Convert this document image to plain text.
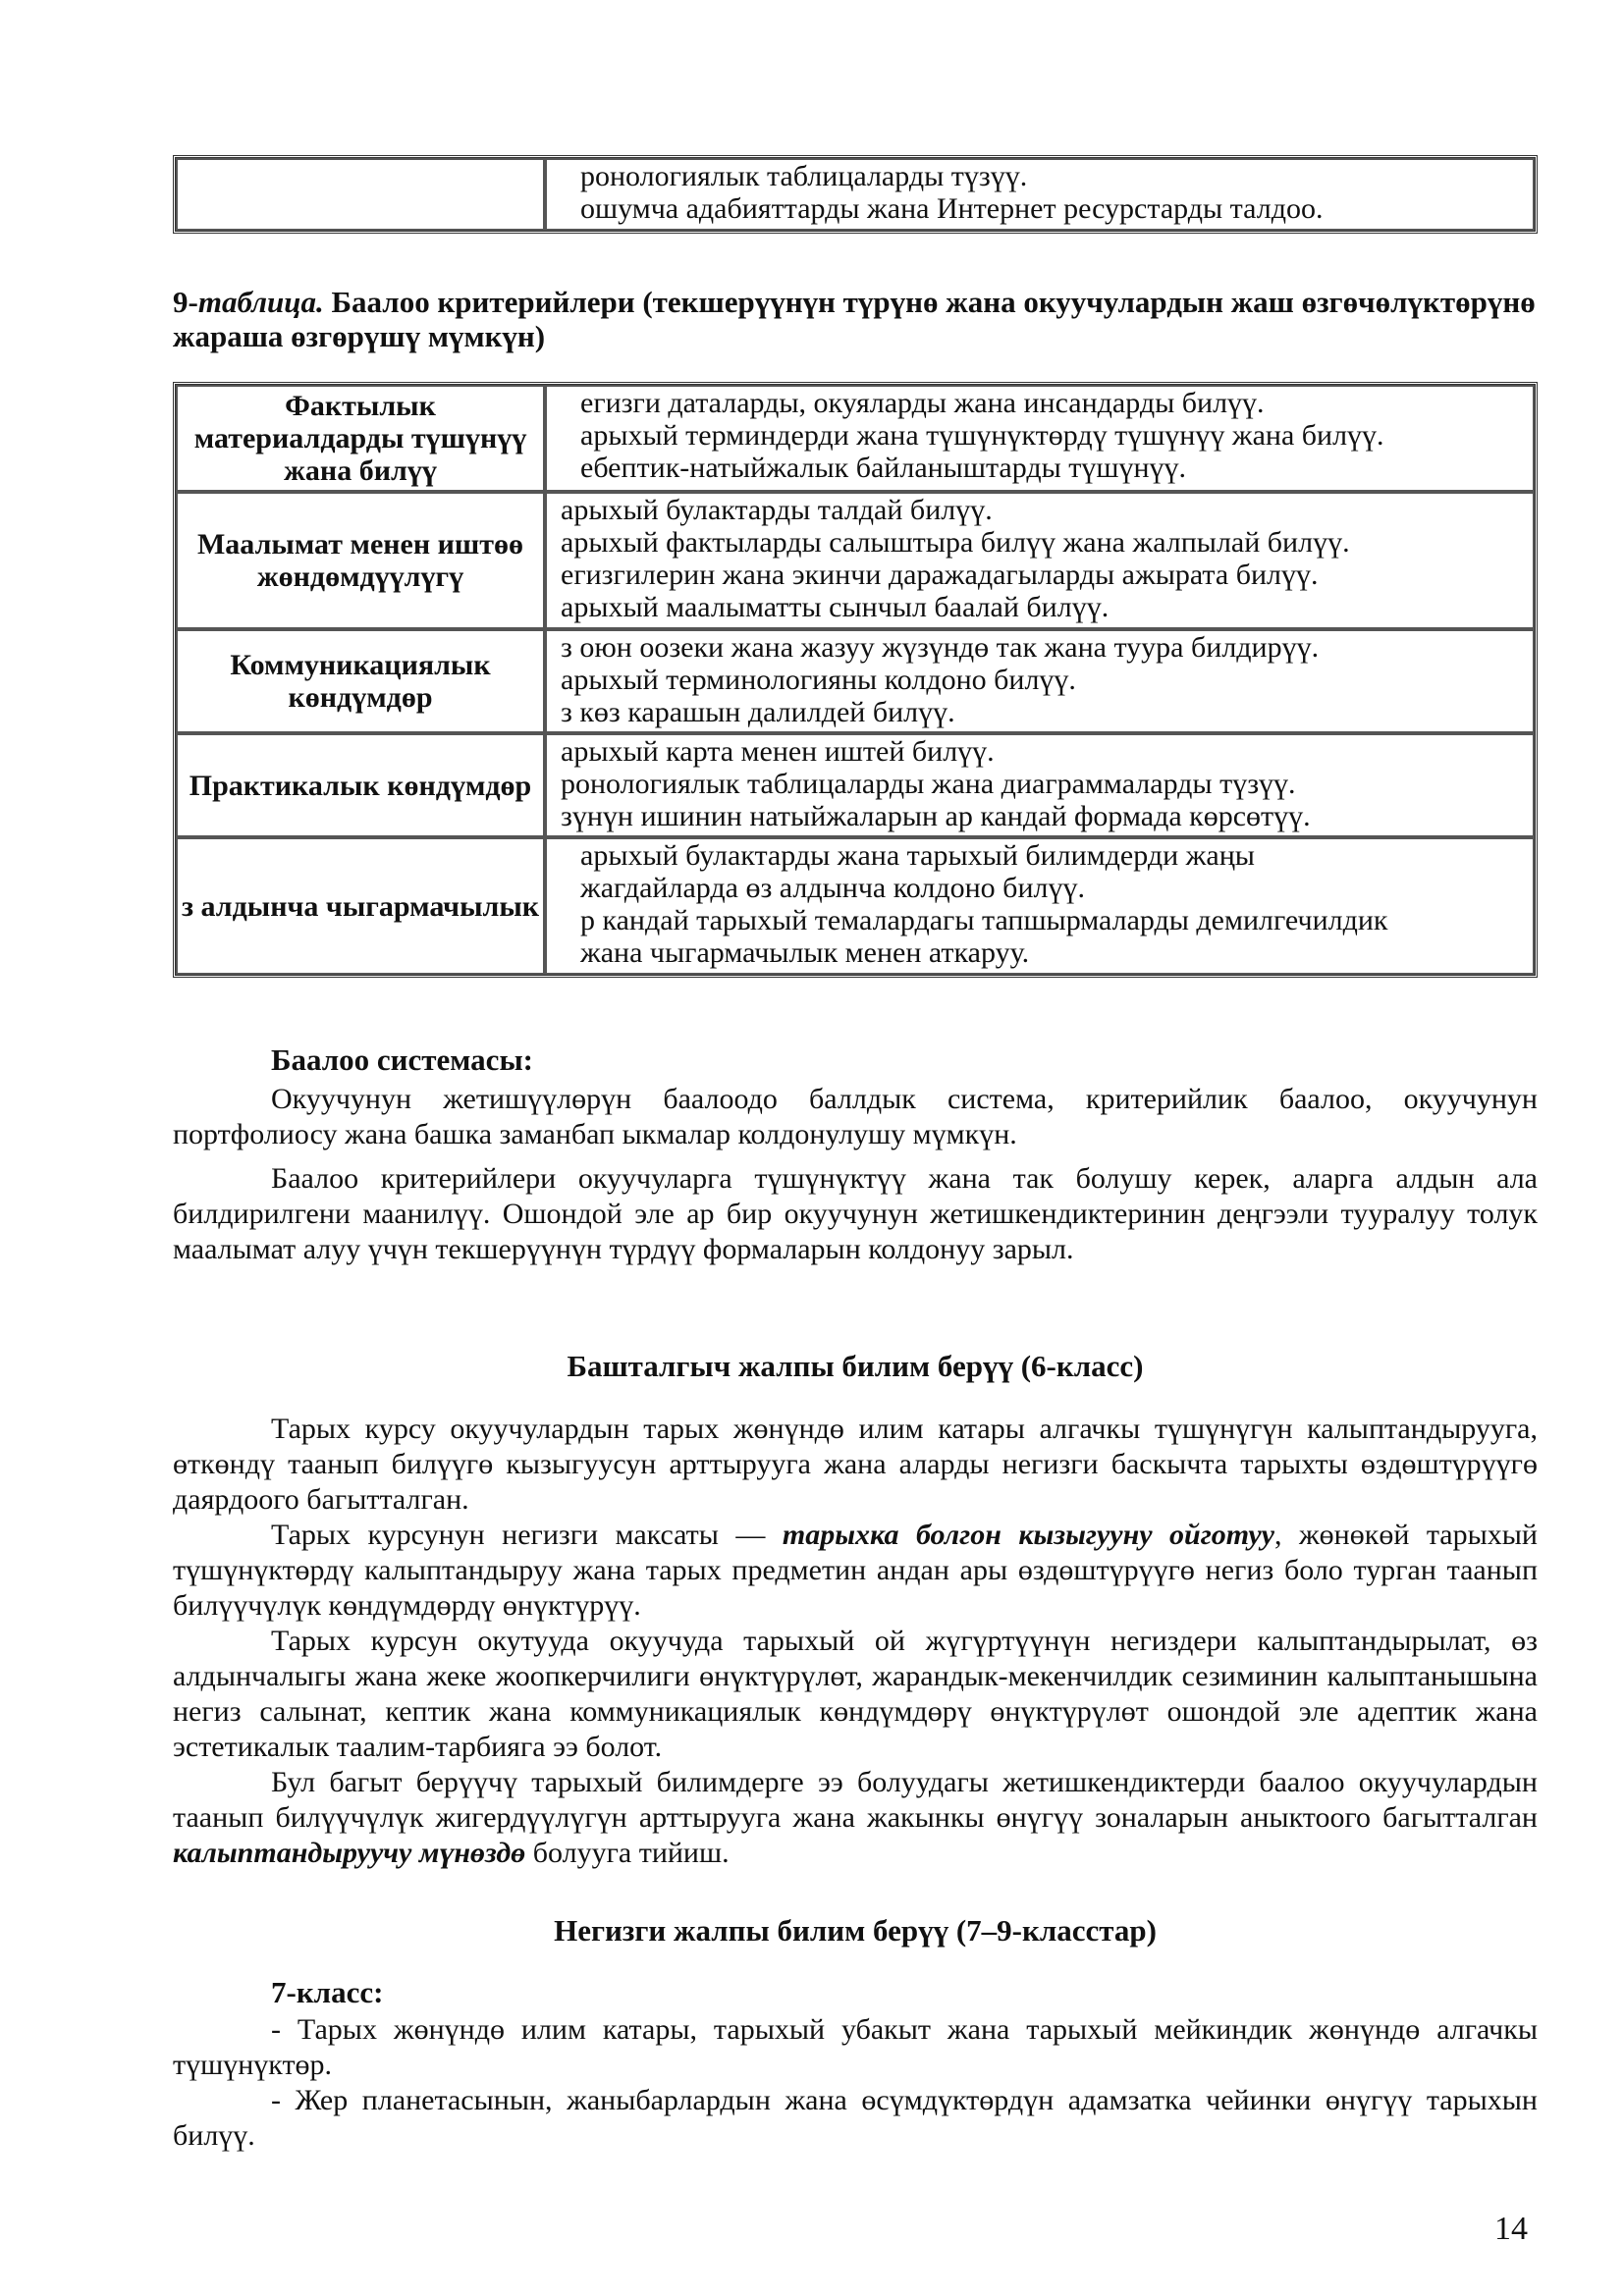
ронологиялык таблицаларды түзүү.
ошумча адабияттарды жана Интернет ресурстарды талдоо.
9-таблица. Баалоо критерийлери (текшерүүнүн түрүнө жана окуучулардын жаш өзгөчөлүктөрүнө жараша өзгөрүшү мүмкүн)
Фактылык материалдарды түшүнүү жана билүү	егизги даталарды, окуяларды жана инсандарды билүү.
арыхый терминдерди жана түшүнүктөрдү түшүнүү жана билүү.
ебептик-натыйжалык байланыштарды түшүнүү.

Маалымат менен иштөө жөндөмдүүлүгү	арыхый булактарды талдай билүү.
арыхый фактыларды салыштыра билүү жана жалпылай билүү.
егизгилерин жана экинчи даражадагыларды ажырата билүү.
арыхый маалыматты сынчыл баалай билүү.

Коммуникациялык көндүмдөр	з оюн оозеки жана жазуу жүзүндө так жана туура билдирүү.
арыхый терминологияны колдоно билүү.
з көз карашын далилдей билүү.

Практикалык көндүмдөр	арыхый карта менен иштей билүү.
ронологиялык таблицаларды жана диаграммаларды түзүү.
зүнүн ишинин натыйжаларын ар кандай формада көрсөтүү.

з алдынча чыгармачылык	арыхый булактарды жана тарыхый билимдерди жаңы
жагдайларда өз алдынча колдоно билүү.
р кандай тарыхый темалардагы тапшырмаларды демилгечилдик
жана чыгармачылык менен аткаруу.
Баалоо системасы:
Окуучунун жетишүүлөрүн баалоодо баллдык система, критерийлик баалоо, окуучунун портфолиосу жана башка заманбап ыкмалар колдонулушу мүмкүн.
Баалоо критерийлери окуучуларга түшүнүктүү жана так болушу керек, аларга алдын ала билдирилгени маанилүү. Ошондой эле ар бир окуучунун жетишкендиктеринин деңгээли тууралуу толук маалымат алуу үчүн текшерүүнүн түрдүү формаларын колдонуу зарыл.
Башталгыч жалпы билим берүү (6-класс)
Тарых курсу окуучулардын тарых жөнүндө илим катары алгачкы түшүнүгүн калыптандырууга, өткөндү таанып билүүгө кызыгуусун арттырууга жана аларды негизги баскычта тарыхты өздөштүрүүгө даярдоого багытталган.
Тарых курсунун негизги максаты — тарыхка болгон кызыгууну ойготуу, жөнөкөй тарыхый түшүнүктөрдү калыптандыруу жана тарых предметин андан ары өздөштүрүүгө негиз боло турган таанып билүүчүлүк көндүмдөрдү өнүктүрүү.
Тарых курсун окутууда окуучуда тарыхый ой жүгүртүүнүн негиздери калыптандырылат, өз алдынчалыгы жана жеке жоопкерчилиги өнүктүрүлөт, жарандык-мекенчилдик сезиминин калыптанышына негиз салынат, кептик жана коммуникациялык көндүмдөрү өнүктүрүлөт ошондой эле адептик жана эстетикалык таалим-тарбияга ээ болот.
Бул багыт берүүчү тарыхый билимдерге ээ болуудагы жетишкендиктерди баалоо окуучулардын таанып билүүчүлүк жигердүүлүгүн арттырууга жана жакынкы өнүгүү зоналарын аныктоого багытталган калыптандыруучу мүнөздө болууга тийиш.
Негизги жалпы билим берүү (7–9-класстар)
7-класс:
- Тарых жөнүндө илим катары, тарыхый убакыт жана тарыхый мейкиндик жөнүндө алгачкы түшүнүктөр.
- Жер планетасынын, жаныбарлардын жана өсүмдүктөрдүн адамзатка чейинки өнүгүү тарыхын билүү.
14
